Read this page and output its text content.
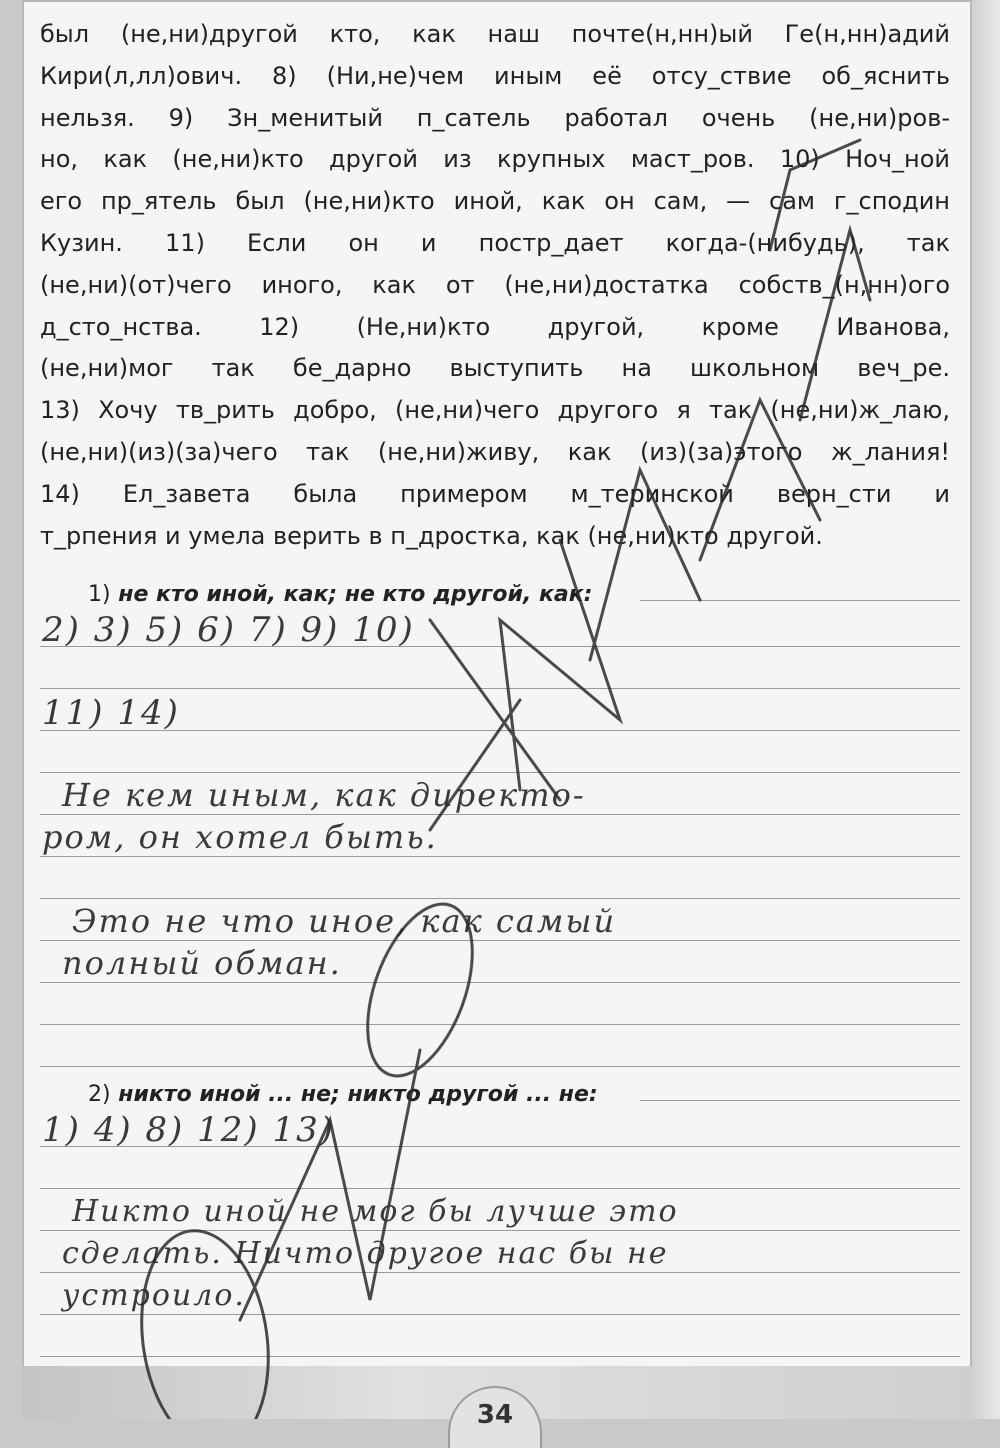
был (не,ни)другой кто, как наш почте(н,нн)ый Ге(н,нн)адий
Кири(л,лл)ович. 8) (Ни,не)чем иным её отсу_ствие об_яснить
нельзя. 9) Зн_менитый п_сатель работал очень (не,ни)ров-
но, как (не,ни)кто другой из крупных маст_ров. 10) Ноч_ной
его пр_ятель был (не,ни)кто иной, как он сам, — сам г_сподин
Кузин. 11) Если он и постр_дает когда-(нибудь), так
(не,ни)(от)чего иного, как от (не,ни)достатка собств_(н,нн)ого
д_сто_нства. 12) (Не,ни)кто другой, кроме Иванова,
(не,ни)мог так бе_дарно выступить на школьном веч_ре.
13) Хочу тв_рить добро, (не,ни)чего другого я так (не,ни)ж_лаю,
(не,ни)(из)(за)чего так (не,ни)живу, как (из)(за)этого ж_лания!
14) Ел_завета была примером м_теринской верн_сти и
т_рпения и умела верить в п_дростка, как (не,ни)кто другой.
1) не кто иной, как; не кто другой, как:
2) 3) 5) 6) 7) 9) 10)
11) 14)
Не кем иным, как директо-
ром, он хотел быть.
Это не что иное, как самый
полный обман.
2) никто иной ... не; никто другой ... не:
1) 4) 8) 12) 13)
Никто иной не мог бы лучше это
сделать. Ничто другое нас бы не
устроило.
34
